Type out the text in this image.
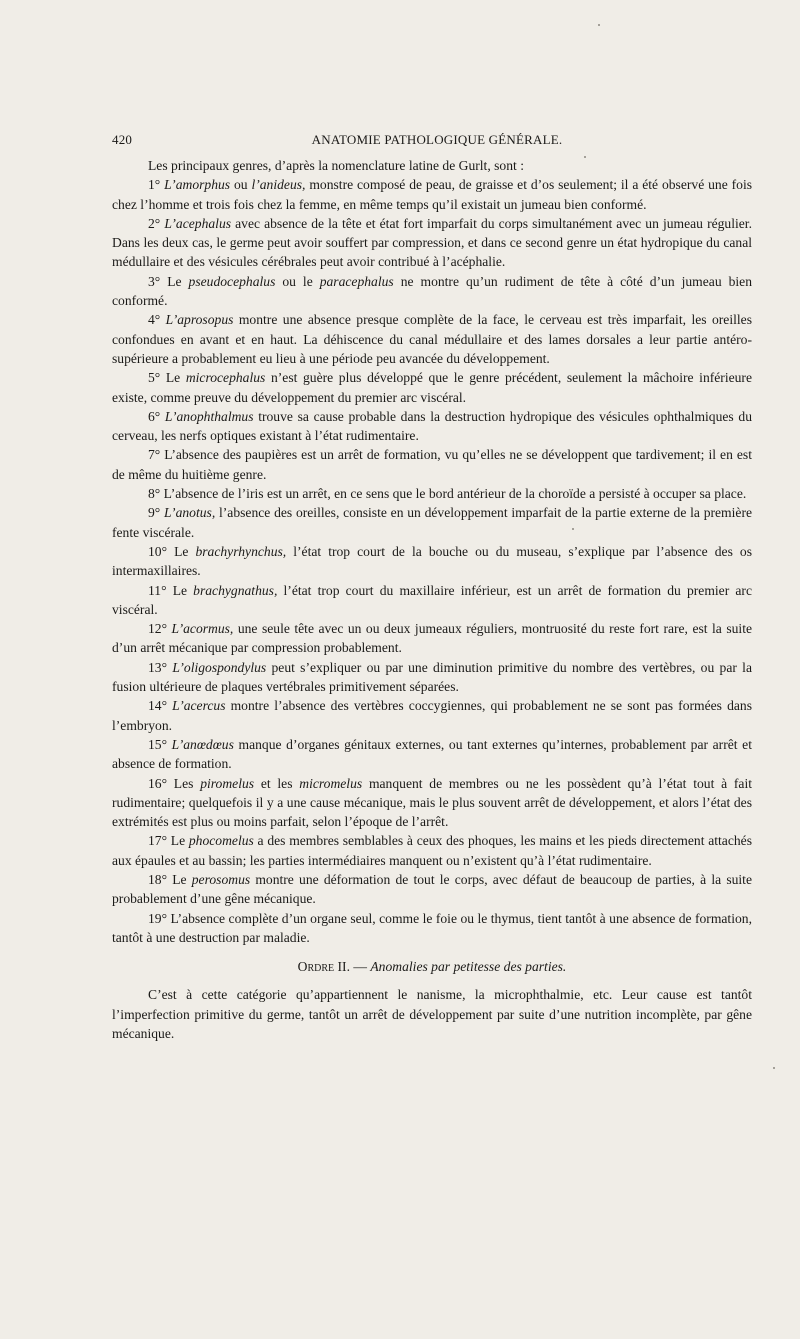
420	ANATOMIE PATHOLOGIQUE GÉNÉRALE.

Les principaux genres, d’après la nomenclature latine de Gurlt, sont :

1° L’amorphus ou l’anideus, monstre composé de peau, de graisse et d’os seulement; il a été observé une fois chez l’homme et trois fois chez la femme, en même temps qu’il existait un jumeau bien conformé.

2° L’acephalus avec absence de la tête et état fort imparfait du corps simultanément avec un jumeau régulier. Dans les deux cas, le germe peut avoir souffert par compression, et dans ce second genre un état hydropique du canal médullaire et des vésicules cérébrales peut avoir contribué à l’acéphalie.

3° Le pseudocephalus ou le paracephalus ne montre qu’un rudiment de tête à côté d’un jumeau bien conformé.

4° L’aprosopus montre une absence presque complète de la face, le cerveau est très imparfait, les oreilles confondues en avant et en haut. La déhiscence du canal médullaire et des lames dorsales a leur partie antéro-supérieure a probablement eu lieu à une période peu avancée du développement.

5° Le microcephalus n’est guère plus développé que le genre précédent, seulement la mâchoire inférieure existe, comme preuve du développement du premier arc viscéral.

6° L’anophthalmus trouve sa cause probable dans la destruction hydropique des vésicules ophthalmiques du cerveau, les nerfs optiques existant à l’état rudimentaire.

7° L’absence des paupières est un arrêt de formation, vu qu’elles ne se développent que tardivement; il en est de même du huitième genre.

8° L’absence de l’iris est un arrêt, en ce sens que le bord antérieur de la choroïde a persisté à occuper sa place.

9° L’anotus, l’absence des oreilles, consiste en un développement imparfait de la partie externe de la première fente viscérale.

10° Le brachyrhynchus, l’état trop court de la bouche ou du museau, s’explique par l’absence des os intermaxillaires.

11° Le brachygnathus, l’état trop court du maxillaire inférieur, est un arrêt de formation du premier arc viscéral.

12° L’acormus, une seule tête avec un ou deux jumeaux réguliers, montruosité du reste fort rare, est la suite d’un arrêt mécanique par compression probablement.

13° L’oligospondylus peut s’expliquer ou par une diminution primitive du nombre des vertèbres, ou par la fusion ultérieure de plaques vertébrales primitivement séparées.

14° L’acercus montre l’absence des vertèbres coccygiennes, qui probablement ne se sont pas formées dans l’embryon.

15° L’anœdœus manque d’organes génitaux externes, ou tant externes qu’internes, probablement par arrêt et absence de formation.

16° Les piromelus et les micromelus manquent de membres ou ne les possèdent qu’à l’état tout à fait rudimentaire; quelquefois il y a une cause mécanique, mais le plus souvent arrêt de développement, et alors l’état des extrémités est plus ou moins parfait, selon l’époque de l’arrêt.

17° Le phocomelus a des membres semblables à ceux des phoques, les mains et les pieds directement attachés aux épaules et au bassin; les parties intermédiaires manquent ou n’existent qu’à l’état rudimentaire.

18° Le perosomus montre une déformation de tout le corps, avec défaut de beaucoup de parties, à la suite probablement d’une gêne mécanique.

19° L’absence complète d’un organe seul, comme le foie ou le thymus, tient tantôt à une absence de formation, tantôt à une destruction par maladie.

Ordre II. — Anomalies par petitesse des parties.

C’est à cette catégorie qu’appartiennent le nanisme, la microphthalmie, etc. Leur cause est tantôt l’imperfection primitive du germe, tantôt un arrêt de développement par suite d’une nutrition incomplète, par gêne mécanique.
